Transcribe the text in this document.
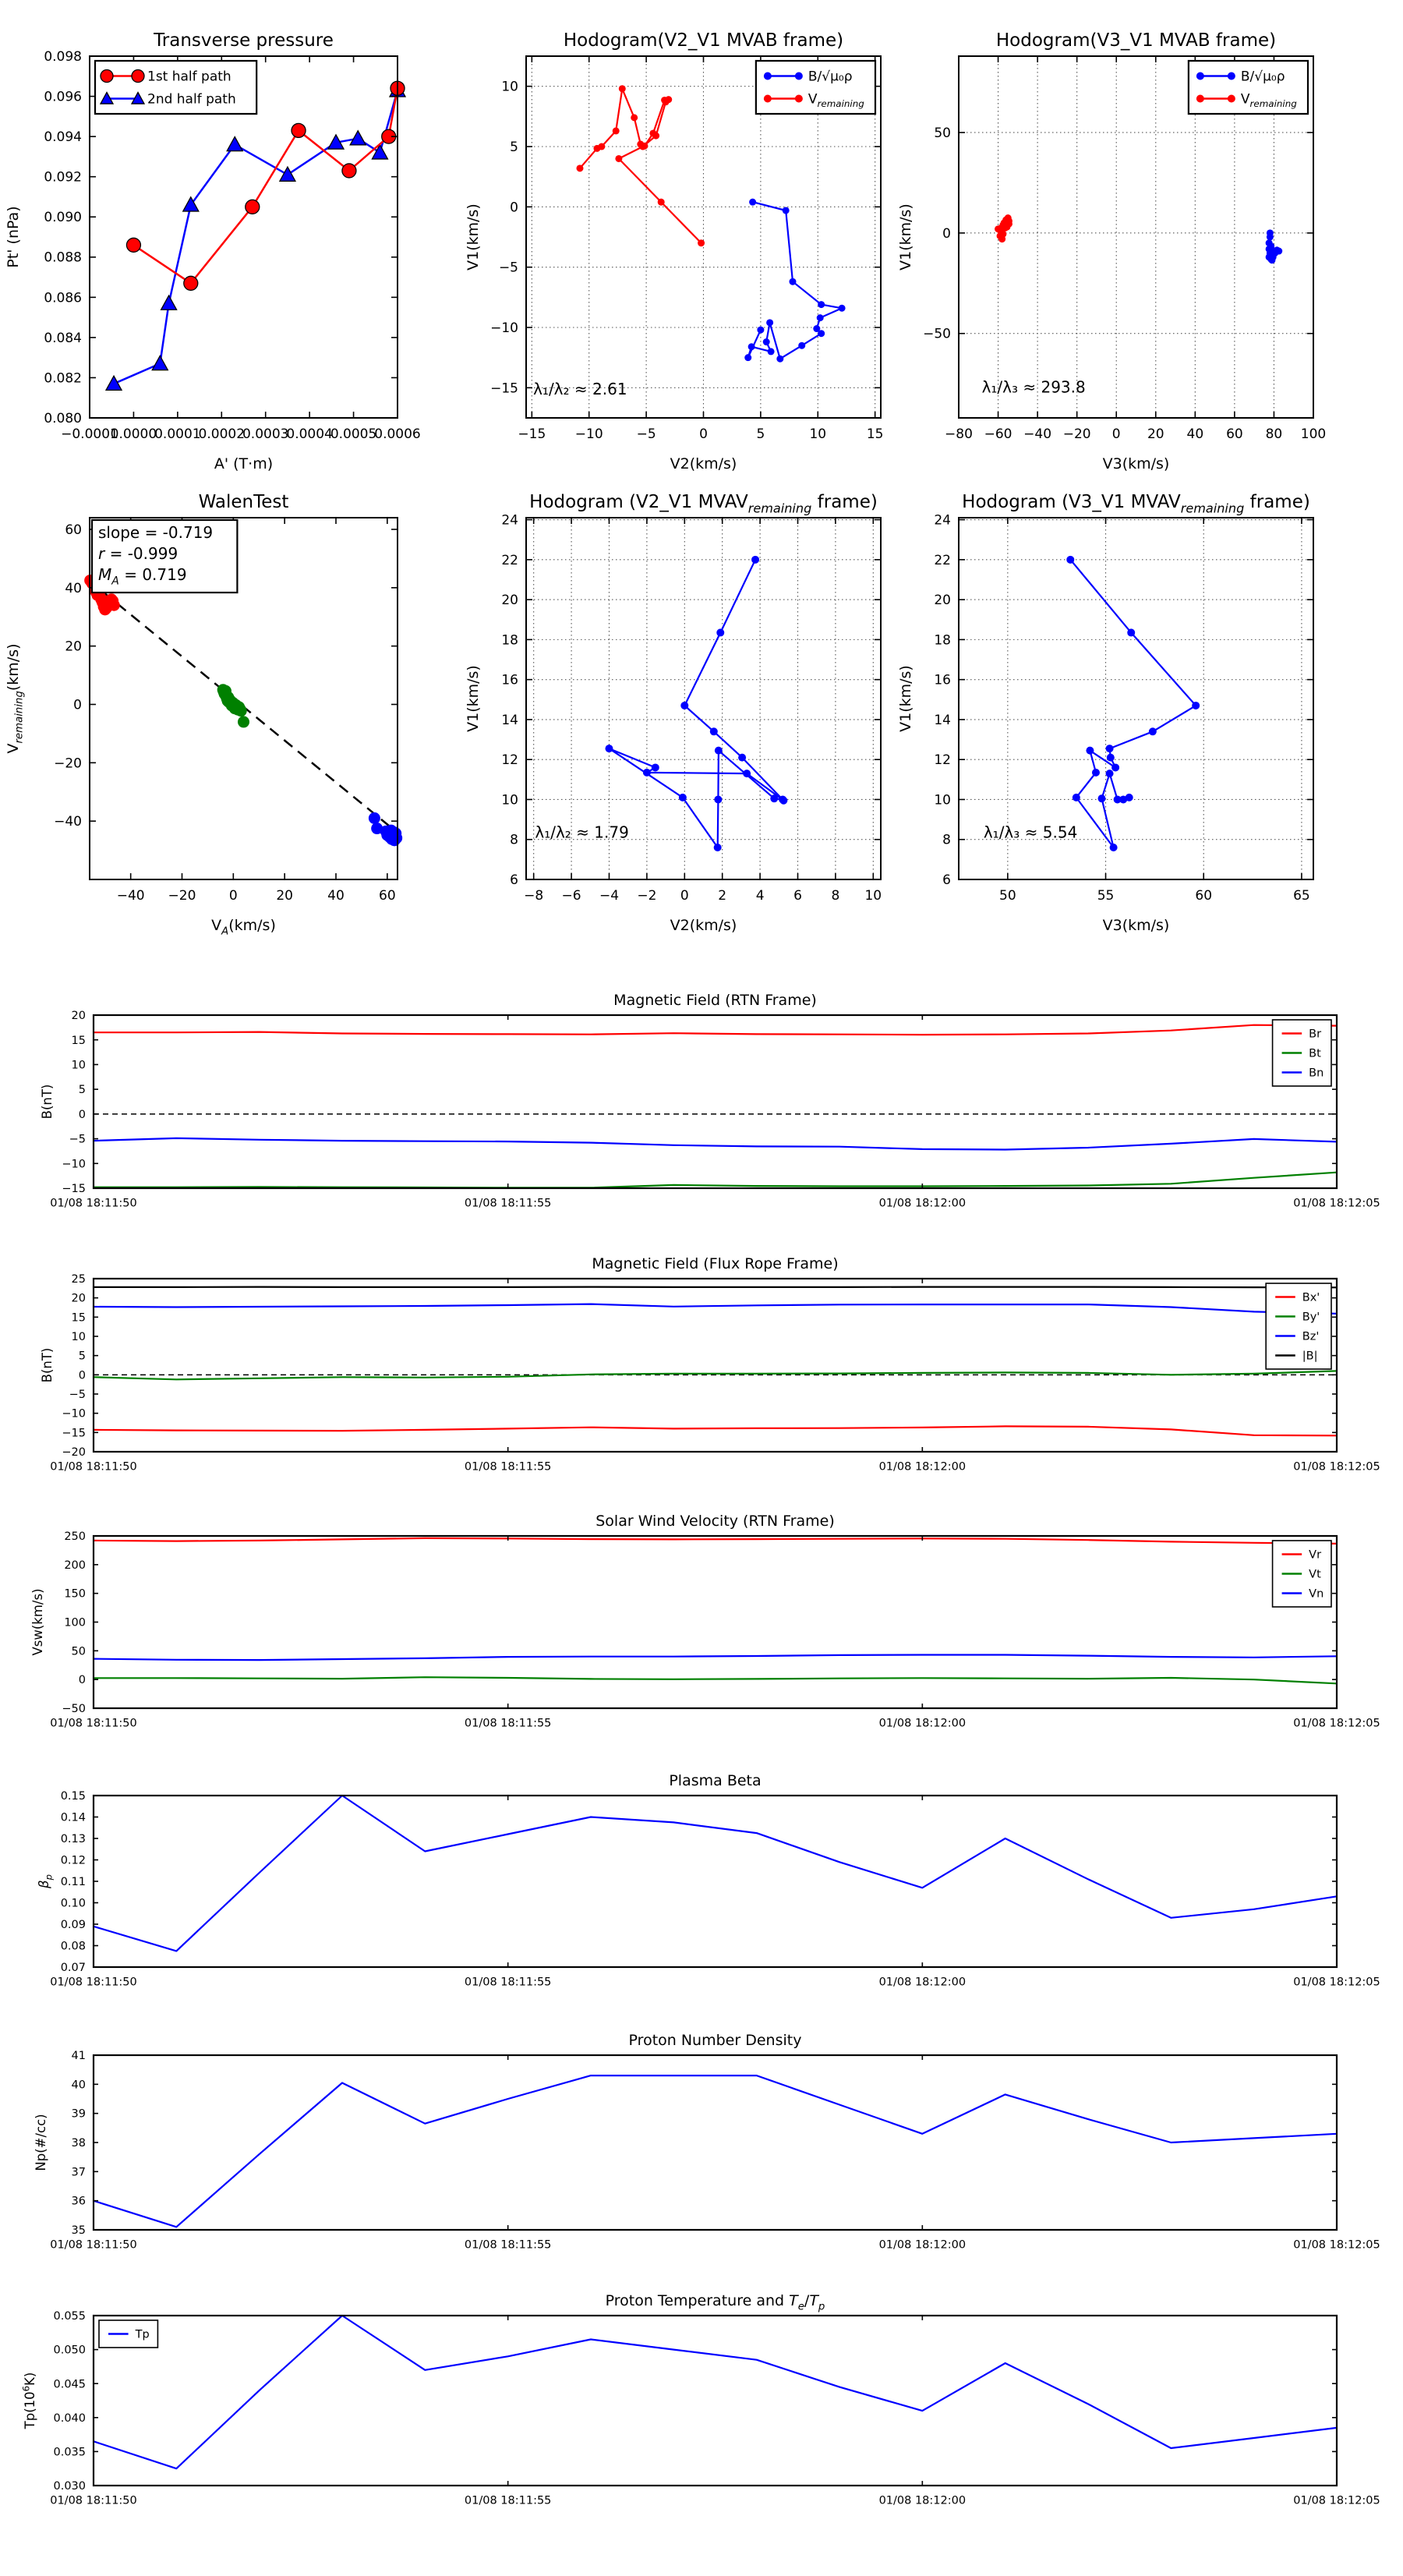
−0.0001
0.0000
0.0001
0.0002
0.0003
0.0004
0.0005
0.0006
0.080
0.082
0.084
0.086
0.088
0.090
0.092
0.094
0.096
0.098
Transverse pressure
A' (T·m)
Pt' (nPa)
1st half path
2nd half path
−15 −10	−5	0	5	10	15
−15
−10
−5
0
5
10
Hodogram(V2_V1 MVAB frame)
V2(km/s)
V1(km/s)
λ₁/λ₂ ≈ 2.61
B/√μ₀ρ
$V_{remaining}$
−80 −60 −40 −20 0 20 40 60 80 100
−50
0
50
Hodogram(V3_V1 MVAB frame)
V3(km/s)
V1(km/s)
λ₁/λ₃ ≈ 293.8
B/√μ₀ρ
$V_{remaining}$
−40 −20 0	20	40	60
−40
−20
0
20
40
60
WalenTest
$V_A(km/s)$
$V_{remaining}(km/s)$
slope = -0.719
r = -0.999
$M_A = 0.719$
−8 −6 −4 −2 0 2 4 6 8 10
6
8
10
12
14
16
18
20
22
24
Hodogram (V2_V1 $MVAV_{remaining}$ frame)
V2(km/s)
V1(km/s)
λ₁/λ₂ ≈ 1.79
50	55	60	65
6
8
10
12
14
16
18
20
22
24
Hodogram (V3_V1 $MVAV_{remaining}$ frame)
V3(km/s)
V1(km/s)
λ₁/λ₃ ≈ 5.54
01/08 18:11:50	01/08 18:11:55	01/08 18:12:00	01/08 18:12:05
−15
−10
−5
0
5
10
15
20
Magnetic Field (RTN Frame)
B(nT)
Br
Bt
Bn
01/08 18:11:50	01/08 18:11:55	01/08 18:12:00	01/08 18:12:05
−20
−15
−10
−5
0
5
10
15
20
25
Magnetic Field (Flux Rope Frame)
B(nT)
Bx'
By'
Bz'
|B|
01/08 18:11:50	01/08 18:11:55	01/08 18:12:00	01/08 18:12:05
−50
0
50
100
150
200
250
Solar Wind Velocity (RTN Frame)
Vsw(km/s)
Vr
Vt
Vn
01/08 18:11:50	01/08 18:11:55	01/08 18:12:00	01/08 18:12:05
0.07
0.08
0.09
0.10
0.11
0.12
0.13
0.14
0.15
Plasma Beta
$\beta_p$
01/08 18:11:50	01/08 18:11:55	01/08 18:12:00	01/08 18:12:05
35
36
37
38
39
40
41
Proton Number Density
Np(#/cc)
01/08 18:11:50	01/08 18:11:55	01/08 18:12:00	01/08 18:12:05
0.030
0.035
0.040
0.045
0.050
0.055
Proton Temperature and $T_e/T_p$
$Tp(10^6K)$
Tp
